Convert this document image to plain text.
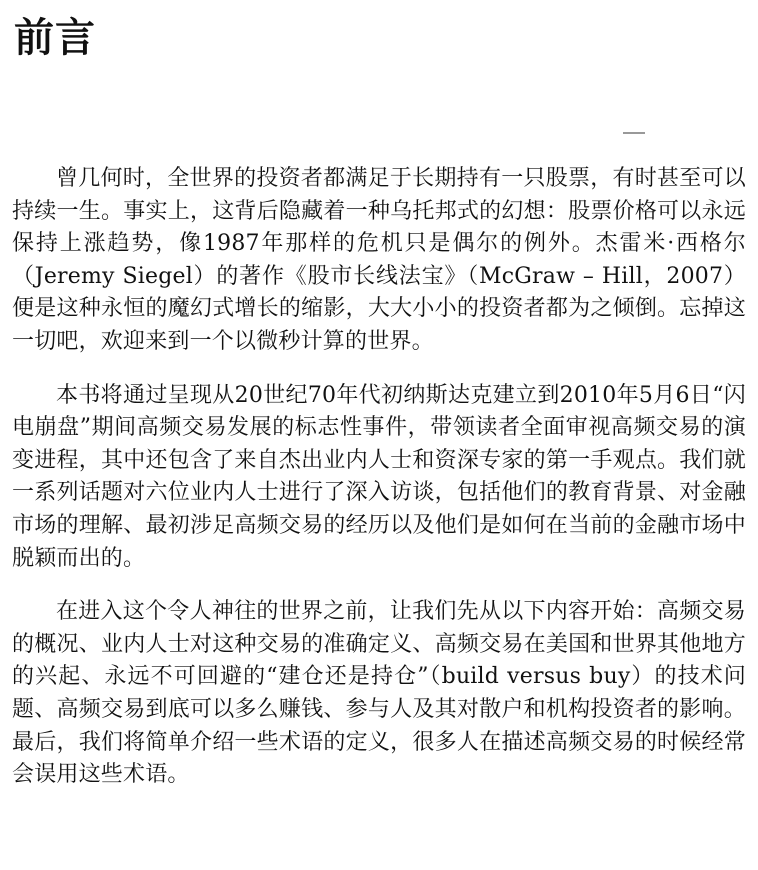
前言

曾几何时，全世界的投资者都满足于长期持有一只股票，有时甚至可以持续一生。事实上，这背后隐藏着一种乌托邦式的幻想：股票价格可以永远保持上涨趋势，像1987年那样的危机只是偶尔的例外。杰雷米·西格尔（Jeremy Siegel）的著作《股市长线法宝》（McGraw – Hill，2007）便是这种永恒的魔幻式增长的缩影，大大小小的投资者都为之倾倒。忘掉这一切吧，欢迎来到一个以微秒计算的世界。

本书将通过呈现从20世纪70年代初纳斯达克建立到2010年5月6日“闪电崩盘”期间高频交易发展的标志性事件，带领读者全面审视高频交易的演变进程，其中还包含了来自杰出业内人士和资深专家的第一手观点。我们就一系列话题对六位业内人士进行了深入访谈，包括他们的教育背景、对金融市场的理解、最初涉足高频交易的经历以及他们是如何在当前的金融市场中脱颖而出的。

在进入这个令人神往的世界之前，让我们先从以下内容开始：高频交易的概况、业内人士对这种交易的准确定义、高频交易在美国和世界其他地方的兴起、永远不可回避的“建仓还是持仓”（build versus buy）的技术问题、高频交易到底可以多么赚钱、参与人及其对散户和机构投资者的影响。最后，我们将简单介绍一些术语的定义，很多人在描述高频交易的时候经常会误用这些术语。
